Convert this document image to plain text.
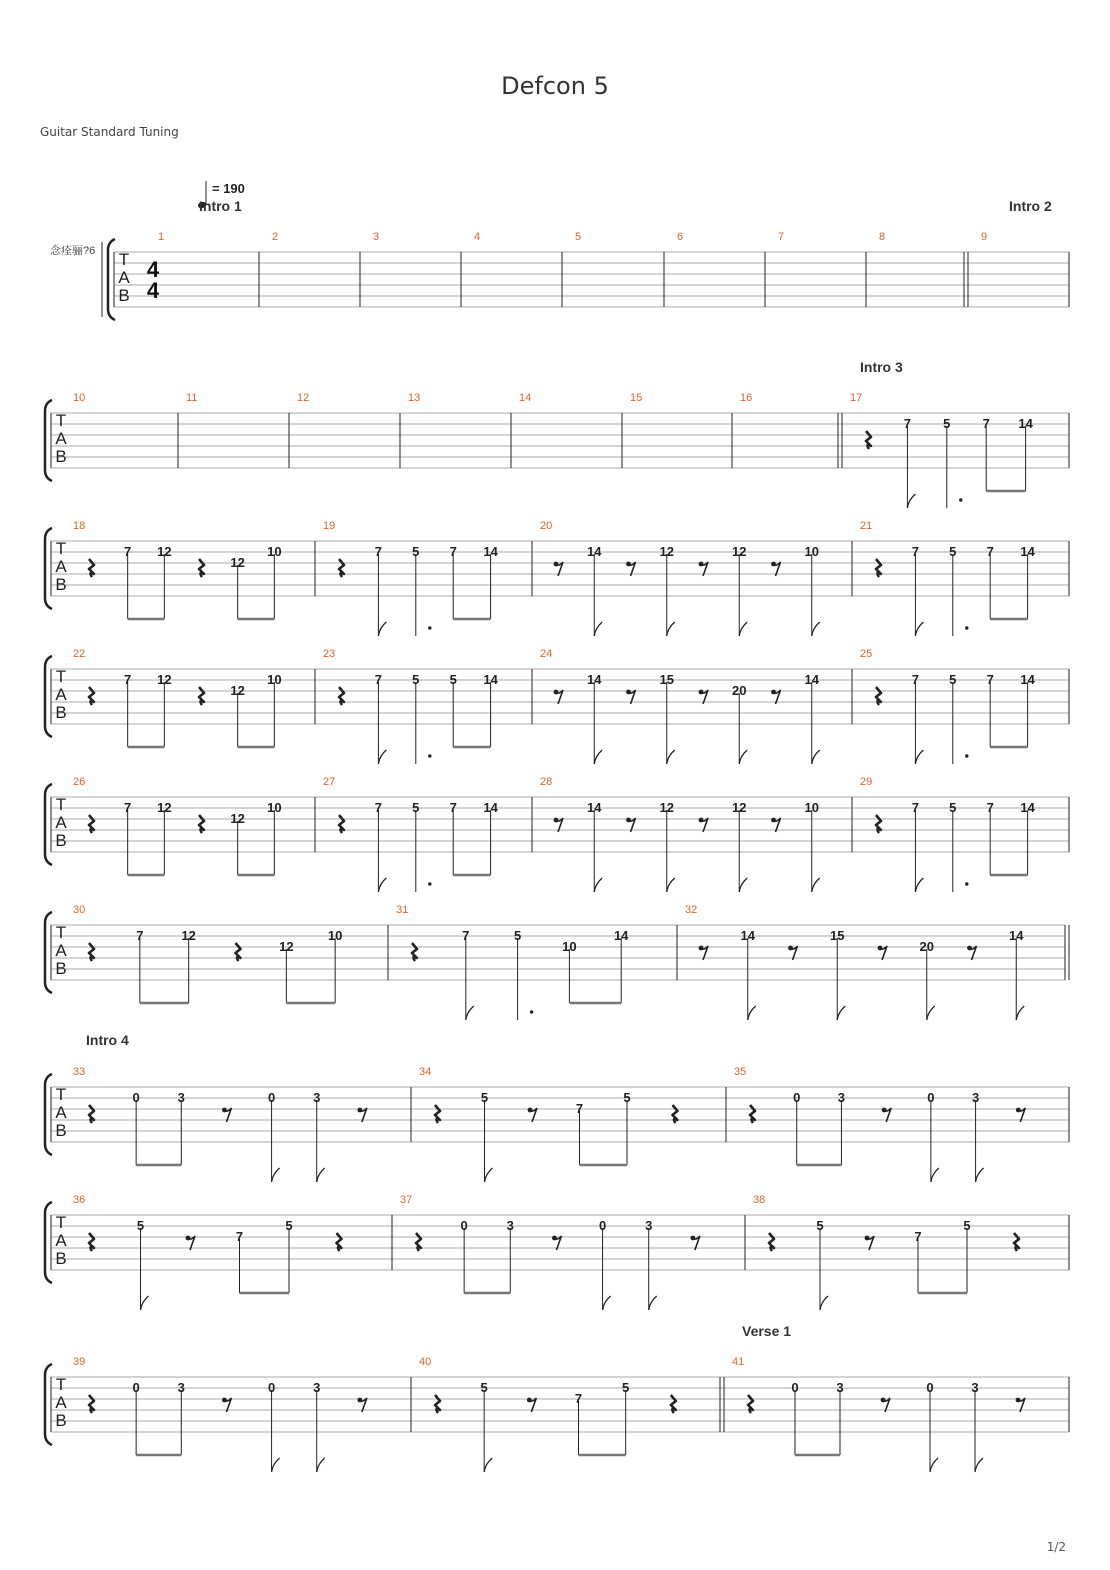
Defcon 5
Guitar Standard Tuning
= 190
念痊骊?6 T
A
B
4
4
1
Intro 1
2	3	4	5	6	7	8	9
Intro 2
T
A
B
10	11	12	13	14	15	16	17
Intro 3
7 5 7 14
T
A
B
18
7 12
12
10
19
7 5 7 14
20
14	12	12	10
21
7 5 7 14
T
A
B
22
7 12
12
10
23
7 5 5 14
24
14	15
20
14
25
7 5 7 14
T
A
B
26
7 12
12
10
27
7 5 7 14
28
14	12	12	10
29
7 5 7 14
T
A
B
30
7	12
12
10
31
7	5
10
14
32
14	15
20
14
T
A
B
Intro 4
33
0	3	0	3
34
5
7
5
35
0	3	0	3
T
A
B
36
5
7
5
37
0	3	0	3
38
5
7
5
T
A
B
39
0	3	0	3
40
5
7
5
41
Verse 1
0	3	0	3
1/2
